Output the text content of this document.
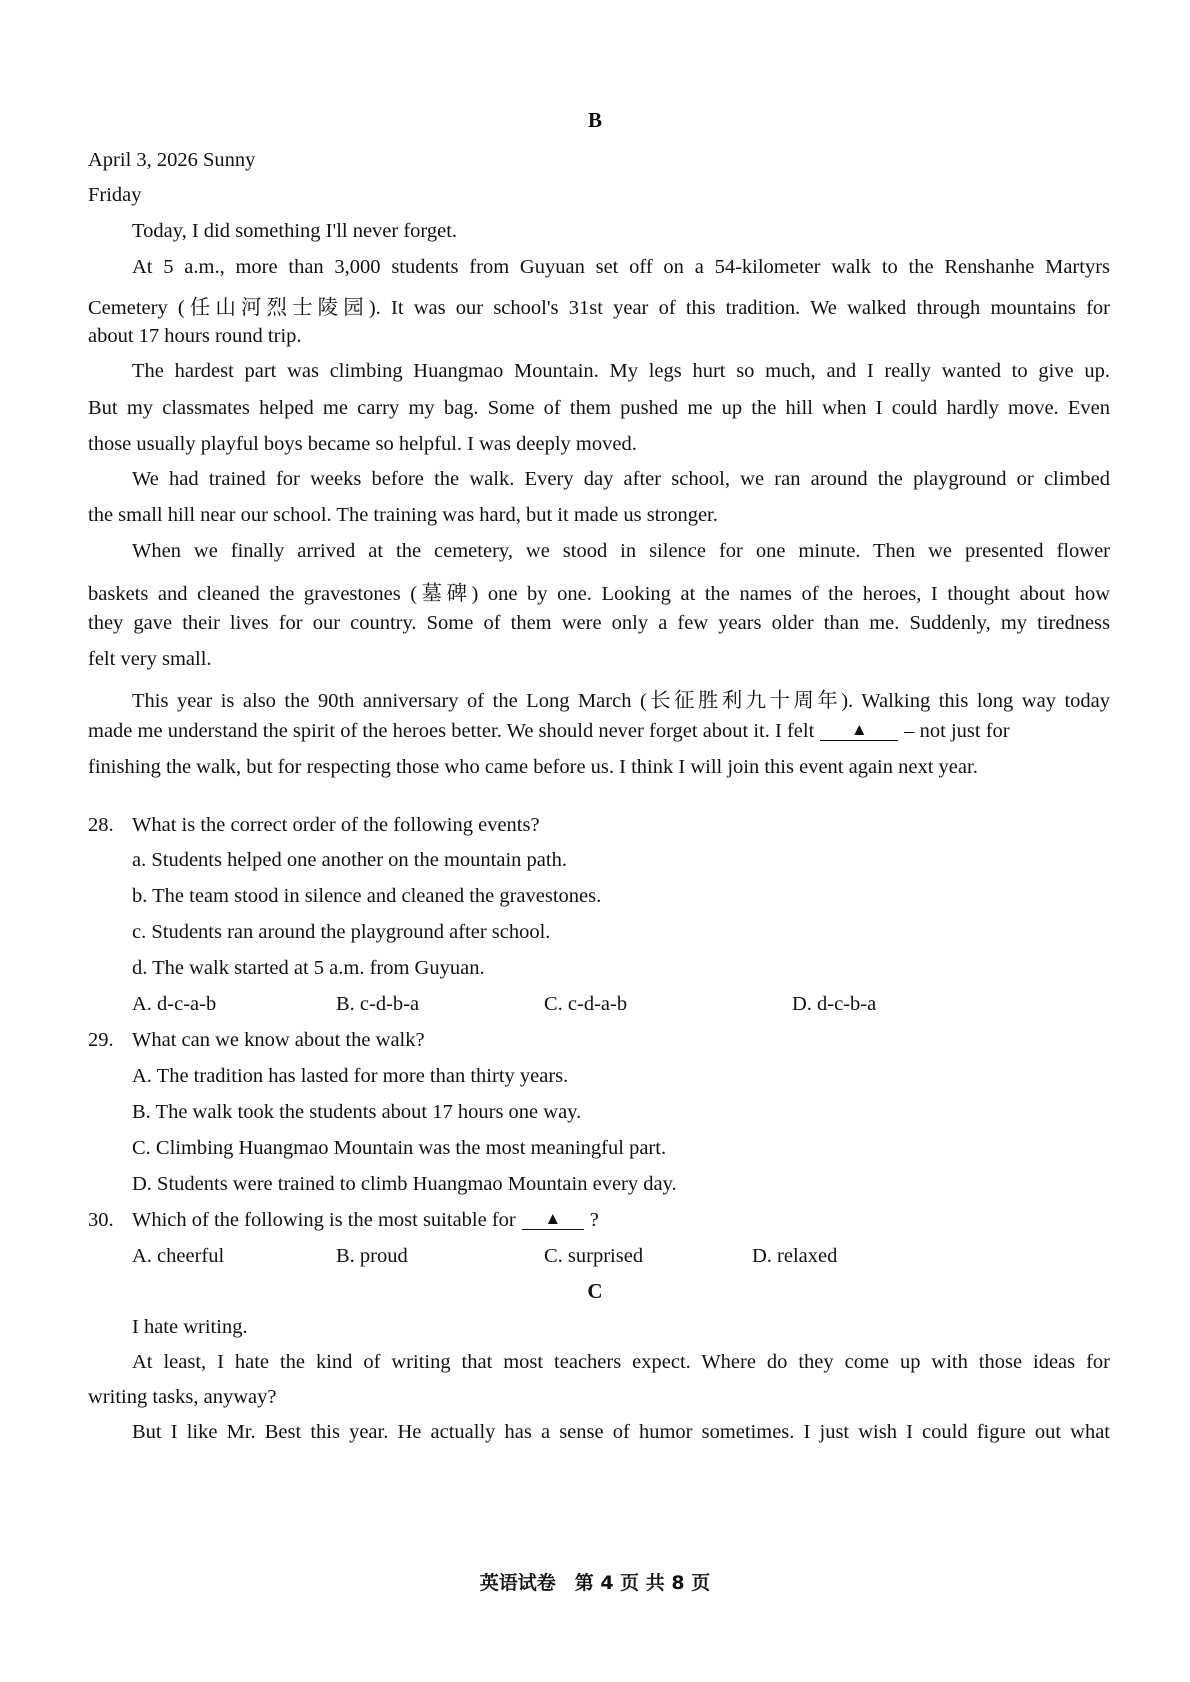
B
April 3, 2026 Sunny
Friday
Today, I did something I'll never forget.
At 5 a.m., more than 3,000 students from Guyuan set off on a 54-kilometer walk to the Renshanhe Martyrs
Cemetery (任山河烈士陵园). It was our school's 31st year of this tradition. We walked through mountains for
about 17 hours round trip.
The hardest part was climbing Huangmao Mountain. My legs hurt so much, and I really wanted to give up.
But my classmates helped me carry my bag. Some of them pushed me up the hill when I could hardly move. Even
those usually playful boys became so helpful. I was deeply moved.
We had trained for weeks before the walk. Every day after school, we ran around the playground or climbed
the small hill near our school. The training was hard, but it made us stronger.
When we finally arrived at the cemetery, we stood in silence for one minute. Then we presented flower
baskets and cleaned the gravestones (墓碑) one by one. Looking at the names of the heroes, I thought about how
they gave their lives for our country. Some of them were only a few years older than me. Suddenly, my tiredness
felt very small.
This year is also the 90th anniversary of the Long March (长征胜利九十周年). Walking this long way today
made me understand the spirit of the heroes better. We should never forget about it. I felt ▲ – not just for
finishing the walk, but for respecting those who came before us. I think I will join this event again next year.
28. What is the correct order of the following events?
a. Students helped one another on the mountain path.
b. The team stood in silence and cleaned the gravestones.
c. Students ran around the playground after school.
d. The walk started at 5 a.m. from Guyuan.
A. d-c-a-b	B. c-d-b-a	C. c-d-a-b	D. d-c-b-a
29. What can we know about the walk?
A. The tradition has lasted for more than thirty years.
B. The walk took the students about 17 hours one way.
C. Climbing Huangmao Mountain was the most meaningful part.
D. Students were trained to climb Huangmao Mountain every day.
30. Which of the following is the most suitable for ▲ ?
A. cheerful	B. proud	C. surprised	D. relaxed
C
I hate writing.
At least, I hate the kind of writing that most teachers expect. Where do they come up with those ideas for
writing tasks, anyway?
But I like Mr. Best this year. He actually has a sense of humor sometimes. I just wish I could figure out what
英语试卷　第 4 页 共 8 页
